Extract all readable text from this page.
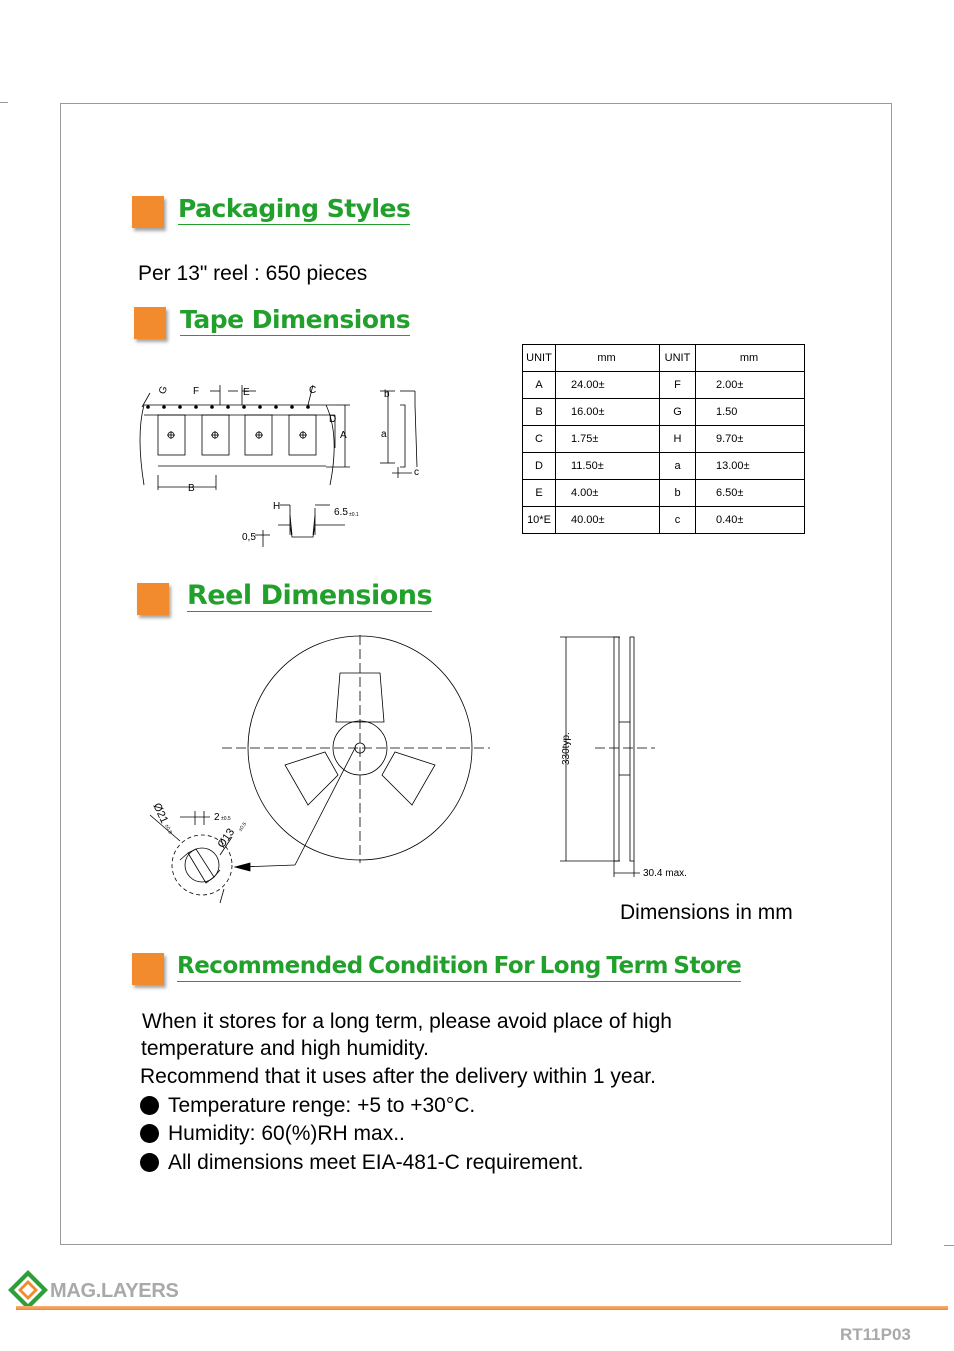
Packaging Styles
Per 13" reel : 650 pieces
Tape Dimensions
G F	E	C
D
A
B
H
6.5 ±0.1
0,5
b
a
c
UNIT	mm	UNIT	mm
A	24.00±	F	2.00±
B	16.00±	G	1.50
C	1.75±	H	9.70±
D	11.50±	a	13.00±
E	4.00±	b	6.50±
10*E	40.00±	c	0.40±
Reel Dimensions
Ø21
±0.8
2 ±0.5
Ø13 ±0.5
330typ.
30.4 max.
Dimensions in mm
Recommended Condition For Long Term Store
When it stores for a long term, please avoid place of high
temperature and high humidity.
Recommend that it uses after the delivery within 1 year.
Temperature renge: +5 to +30°C.
Humidity: 60(%)RH max..
All dimensions meet EIA-481-C requirement.
MAG.LAYERS
RT11P03
